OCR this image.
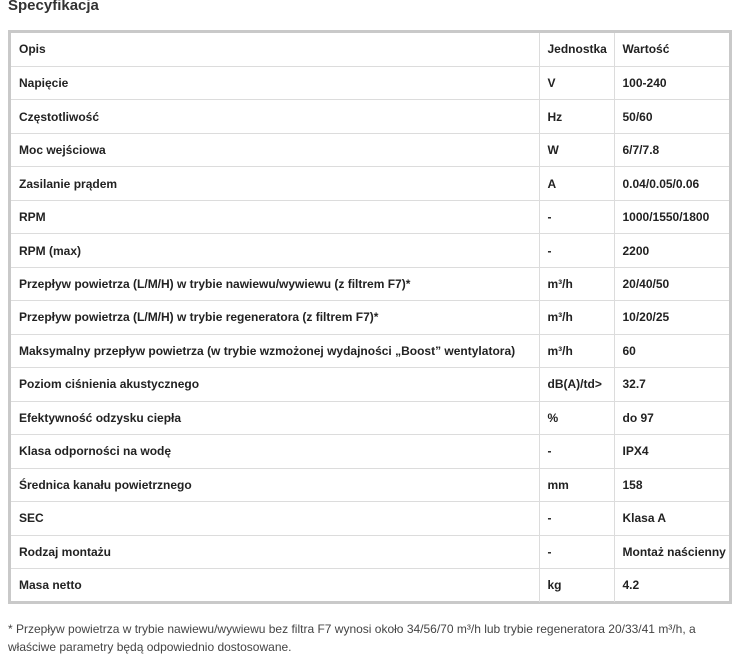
Specyfikacja
Opis	Jednostka	Wartość
Napięcie	V	100-240
Częstotliwość	Hz	50/60
Moc wejściowa	W	6/7/7.8
Zasilanie prądem	A	0.04/0.05/0.06
RPM	-	1000/1550/1800
RPM (max)	-	2200
Przepływ powietrza (L/M/H) w trybie nawiewu/wywiewu (z filtrem F7)*	m³/h	20/40/50
Przepływ powietrza (L/M/H) w trybie regeneratora (z filtrem F7)*	m³/h	10/20/25
Maksymalny przepływ powietrza (w trybie wzmożonej wydajności „Boost” wentylatora)	m³/h	60
Poziom ciśnienia akustycznego	dB(A)/td>	32.7
Efektywność odzysku ciepła	%	do 97
Klasa odporności na wodę	-	IPX4
Średnica kanału powietrznego	mm	158
SEC	-	Klasa A
Rodzaj montażu	-	Montaż naścienny
Masa netto	kg	4.2

* Przepływ powietrza w trybie nawiewu/wywiewu bez filtra F7 wynosi około 34/56/70 m³/h lub trybie regeneratora 20/33/41 m³/h, a właściwe parametry będą odpowiednio dostosowane.
